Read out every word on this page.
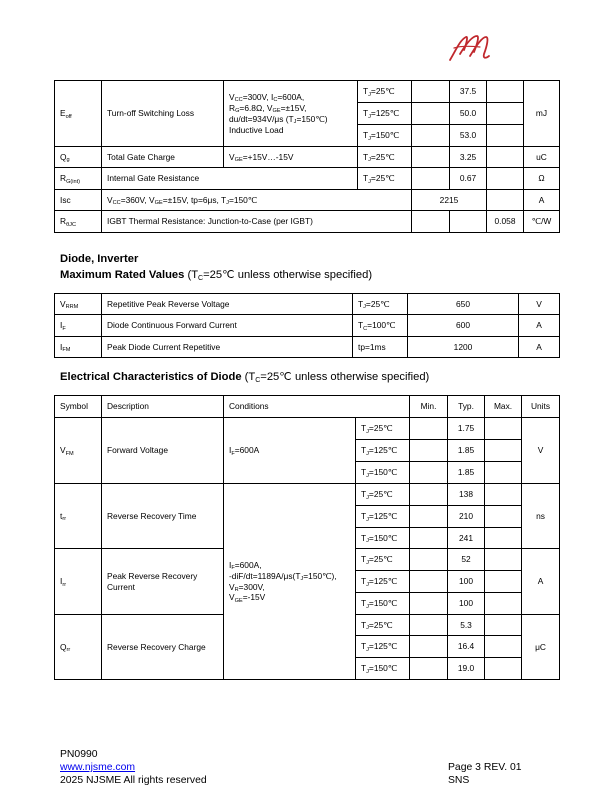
Eoff	Turn-off Switching Loss	VCC=300V, IC=600A,
RG=6.8Ω, VGE=±15V,
du/dt=934V/μs (TJ=150℃)
Inductive Load	TJ=25℃		37.5		mJ
			TJ=125℃		50.0		
			TJ=150℃		53.0		
Qg	Total Gate Charge	VGE=+15V…-15V	TJ=25℃		3.25		uC
RG(int)	Internal Gate Resistance		TJ=25℃		0.67		Ω
Isc	VCC=360V, VGE=±15V, tp=6μs, TJ=150℃			2215			A
RθJC	IGBT Thermal Resistance: Junction-to-Case (per IGBT)					0.058	℃/W
Diode, Inverter
Maximum Rated Values (TC=25℃ unless otherwise specified)
VRRM	Repetitive Peak Reverse Voltage	TJ=25℃	650	V
IF	Diode Continuous Forward Current	TC=100℃	600	A
IFM	Peak Diode Current Repetitive	tp=1ms	1200	A
Electrical Characteristics of Diode (TC=25℃ unless otherwise specified)
Symbol	Description	Conditions		Min.	Typ.	Max.	Units
VFM	Forward Voltage	IF=600A	TJ=25℃		1.75		V
			TJ=125℃		1.85		
			TJ=150℃		1.85		
trr	Reverse Recovery Time	IF=600A,
-diF/dt=1189A/μs(TJ=150℃),
VR=300V,
VGE=-15V	TJ=25℃		138		ns
			TJ=125℃		210		
			TJ=150℃		241		
Irr	Peak Reverse Recovery Current		TJ=25℃		52		A
			TJ=125℃		100		
			TJ=150℃		100		
Qrr	Reverse Recovery Charge		TJ=25℃		5.3		μC
			TJ=125℃		16.4		
			TJ=150℃		19.0		
PN0990
www.njsme.com
2025 NJSME All rights reserved
Page 3 REV. 01
SNS
